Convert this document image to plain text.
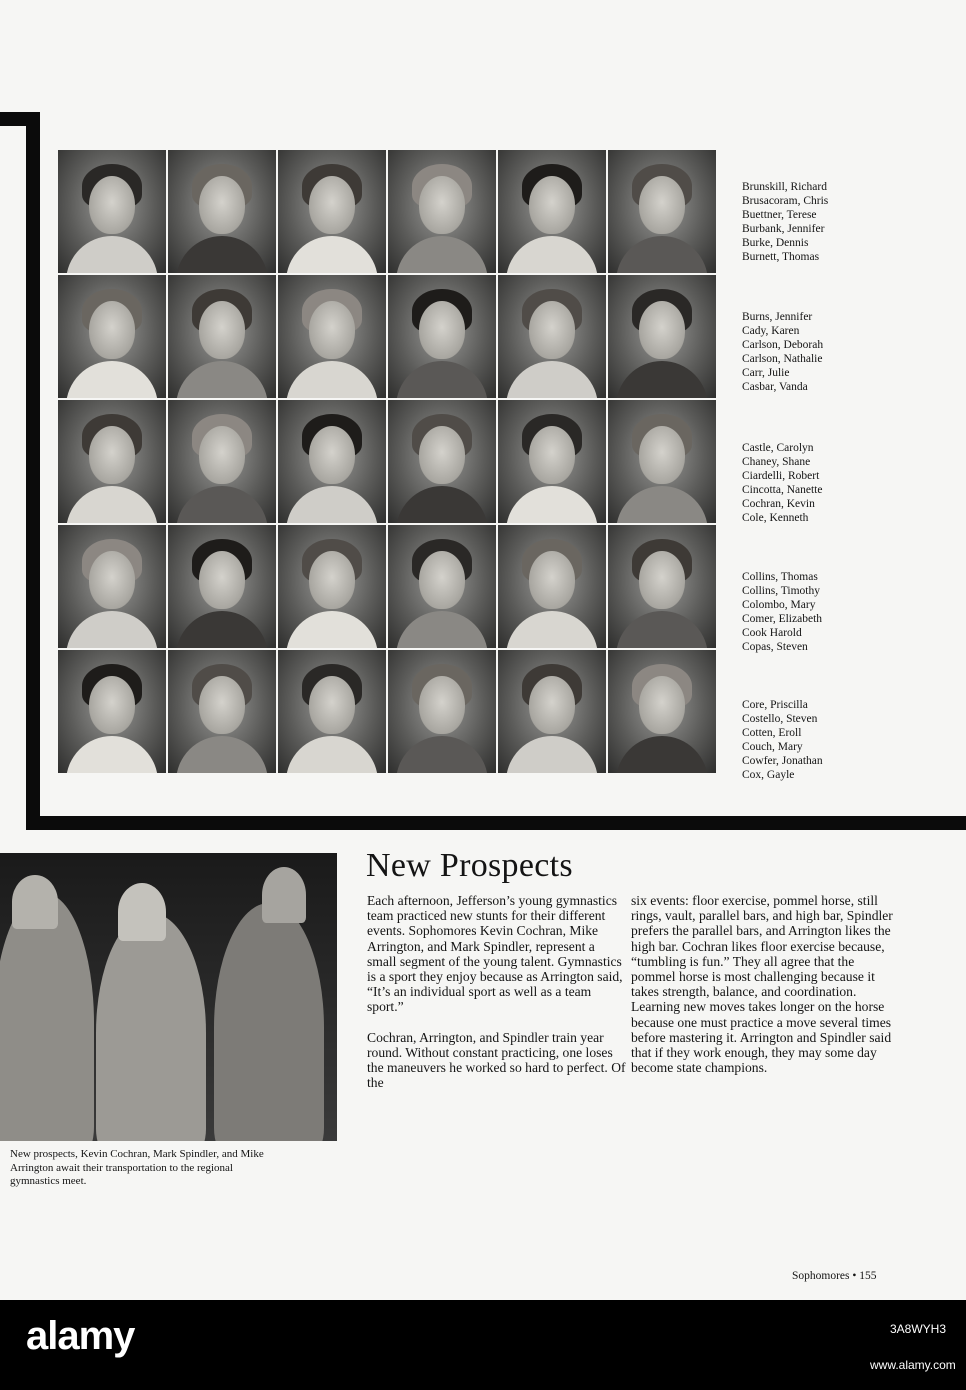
Brunskill, Richard
Brusacoram, Chris
Buettner, Terese
Burbank, Jennifer
Burke, Dennis
Burnett, Thomas
Burns, Jennifer
Cady, Karen
Carlson, Deborah
Carlson, Nathalie
Carr, Julie
Casbar, Vanda
Castle, Carolyn
Chaney, Shane
Ciardelli, Robert
Cincotta, Nanette
Cochran, Kevin
Cole, Kenneth
Collins, Thomas
Collins, Timothy
Colombo, Mary
Comer, Elizabeth
Cook Harold
Copas, Steven
Core, Priscilla
Costello, Steven
Cotten, Eroll
Couch, Mary
Cowfer, Jonathan
Cox, Gayle
New prospects, Kevin Cochran, Mark Spindler, and Mike Arrington await their transportation to the regional gymnastics meet.
New Prospects

Each afternoon, Jefferson’s young gymnastics team practiced new stunts for their different events. Sophomores Kevin Cochran, Mike Arrington, and Mark Spindler, represent a small segment of the young talent. Gymnastics is a sport they enjoy because as Arrington said, “It’s an individual sport as well as a team sport.”

Cochran, Arrington, and Spindler train year round. Without constant practicing, one loses the maneuvers he worked so hard to perfect. Of the

six events: floor exercise, pommel horse, still rings, vault, parallel bars, and high bar, Spindler prefers the parallel bars, and Arrington likes the high bar. Cochran likes floor exercise because, “tumbling is fun.” They all agree that the pommel horse is most challenging because it takes strength, balance, and coordination. Learning new moves takes longer on the horse because one must practice a move several times before mastering it. Arrington and Spindler said that if they work enough, they may some day become state champions.

Sophomores • 155
alamy	3A8WYH3
www.alamy.com
